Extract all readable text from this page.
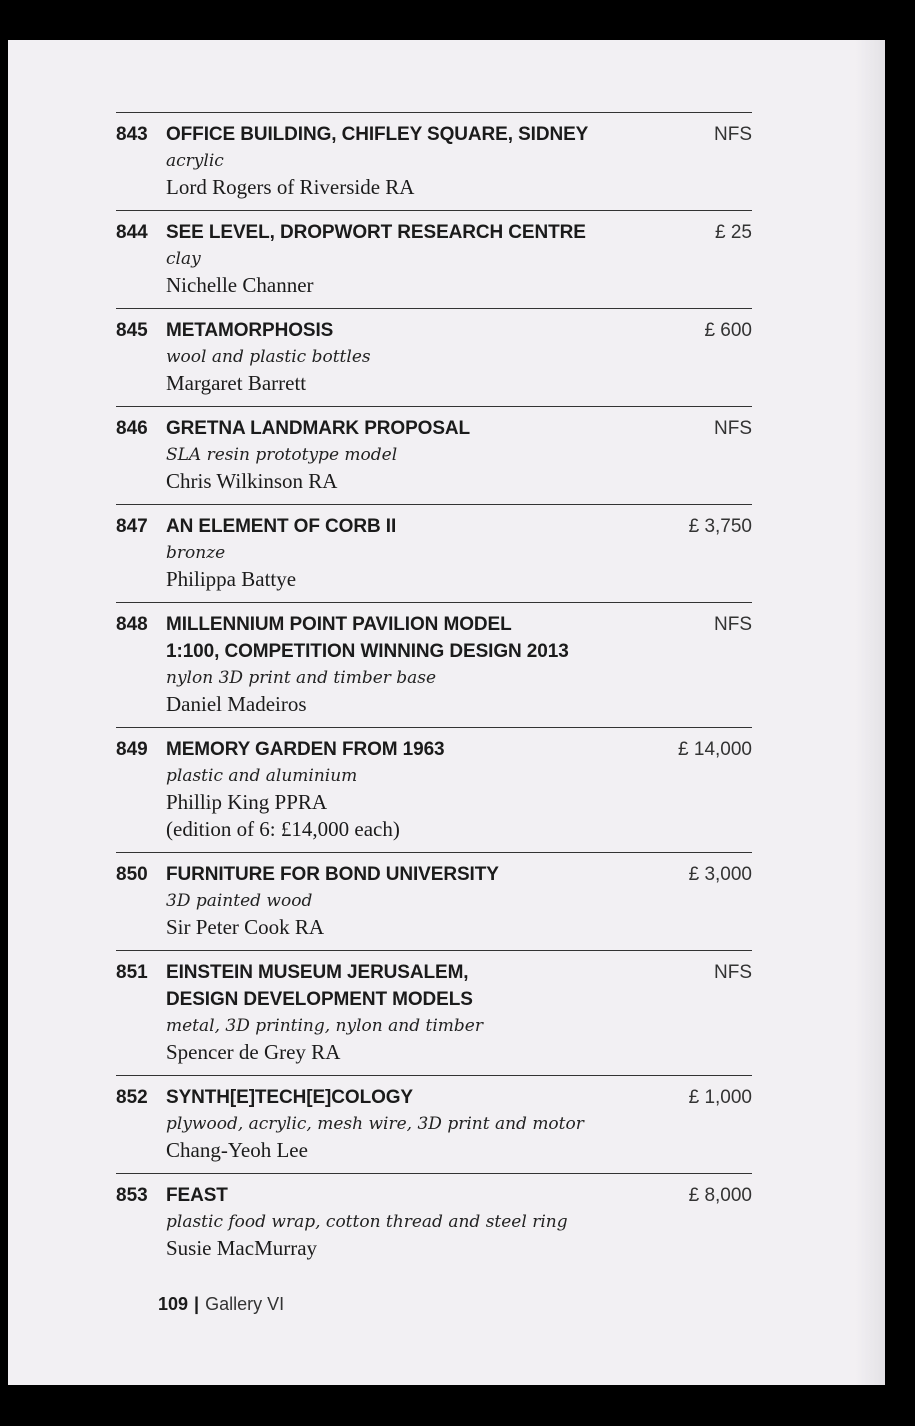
843 OFFICE BUILDING, CHIFLEY SQUARE, SIDNEY
acrylic
Lord Rogers of Riverside RA
NFS
844 SEE LEVEL, DROPWORT RESEARCH CENTRE
clay
Nichelle Channer
£ 25
845 METAMORPHOSIS
wool and plastic bottles
Margaret Barrett
£ 600
846 GRETNA LANDMARK PROPOSAL
SLA resin prototype model
Chris Wilkinson RA
NFS
847 AN ELEMENT OF CORB II
bronze
Philippa Battye
£ 3,750
848 MILLENNIUM POINT PAVILION MODEL
1:100, COMPETITION WINNING DESIGN 2013
nylon 3D print and timber base
Daniel Madeiros
NFS
849 MEMORY GARDEN FROM 1963
plastic and aluminium
Phillip King PPRA
(edition of 6: £14,000 each)
£ 14,000
850 FURNITURE FOR BOND UNIVERSITY
3D painted wood
Sir Peter Cook RA
£ 3,000
851 EINSTEIN MUSEUM JERUSALEM,
DESIGN DEVELOPMENT MODELS
metal, 3D printing, nylon and timber
Spencer de Grey RA
NFS
852 SYNTH[E]TECH[E]COLOGY
plywood, acrylic, mesh wire, 3D print and motor
Chang-Yeoh Lee
£ 1,000
853 FEAST
plastic food wrap, cotton thread and steel ring
Susie MacMurray
£ 8,000
109 | Gallery VI
